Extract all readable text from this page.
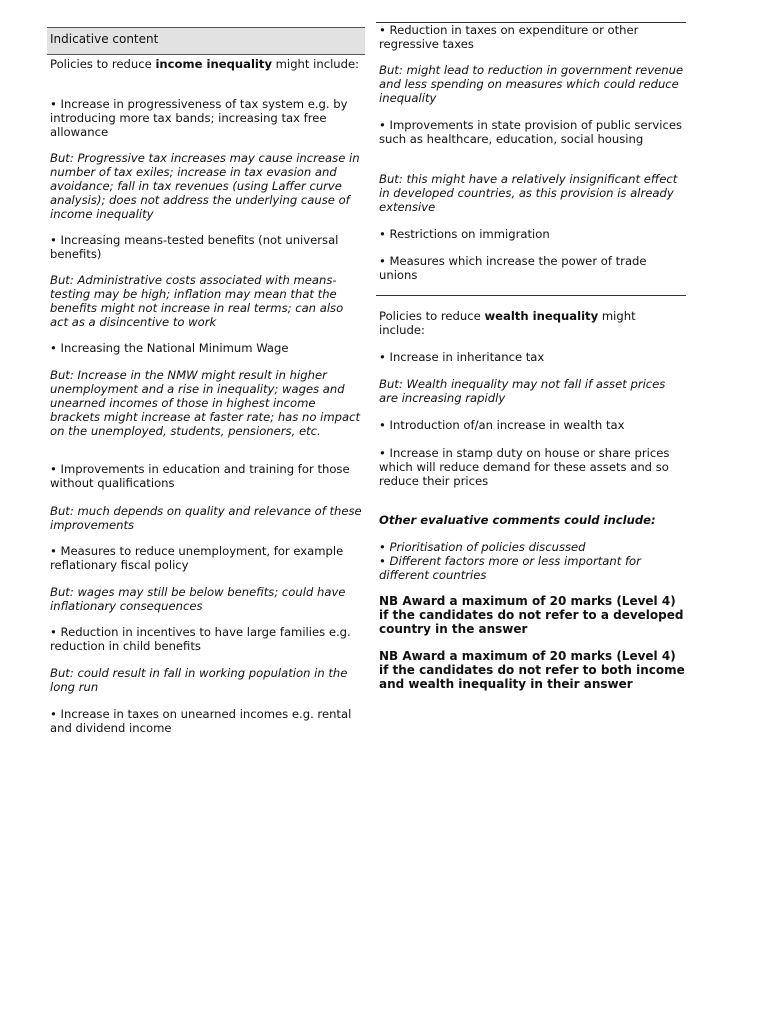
Indicative content

Policies to reduce income inequality might include:

• Increase in progressiveness of tax system e.g. by introducing more tax bands; increasing tax free allowance

But: Progressive tax increases may cause increase in number of tax exiles; increase in tax evasion and avoidance; fall in tax revenues (using Laffer curve analysis); does not address the underlying cause of income inequality

• Increasing means-tested benefits (not universal benefits)

But: Administrative costs associated with means-testing may be high; inflation may mean that the benefits might not increase in real terms; can also act as a disincentive to work

• Increasing the National Minimum Wage

But: Increase in the NMW might result in higher unemployment and a rise in inequality; wages and unearned incomes of those in highest income brackets might increase at faster rate; has no impact on the unemployed, students, pensioners, etc.

• Improvements in education and training for those without qualifications

But: much depends on quality and relevance of these improvements

• Measures to reduce unemployment, for example reflationary fiscal policy

But: wages may still be below benefits; could have inflationary consequences

• Reduction in incentives to have large families e.g. reduction in child benefits

But: could result in fall in working population in the long run

• Increase in taxes on unearned incomes e.g. rental and dividend income

• Reduction in taxes on expenditure or other regressive taxes

But: might lead to reduction in government revenue and less spending on measures which could reduce inequality

• Improvements in state provision of public services such as healthcare, education, social housing

But: this might have a relatively insignificant effect in developed countries, as this provision is already extensive

• Restrictions on immigration

• Measures which increase the power of trade unions

Policies to reduce wealth inequality might include:

• Increase in inheritance tax

But: Wealth inequality may not fall if asset prices are increasing rapidly

• Introduction of/an increase in wealth tax

• Increase in stamp duty on house or share prices which will reduce demand for these assets and so reduce their prices

Other evaluative comments could include:

• Prioritisation of policies discussed

• Different factors more or less important for different countries

NB Award a maximum of 20 marks (Level 4) if the candidates do not refer to a developed country in the answer

NB Award a maximum of 20 marks (Level 4) if the candidates do not refer to both income and wealth inequality in their answer
